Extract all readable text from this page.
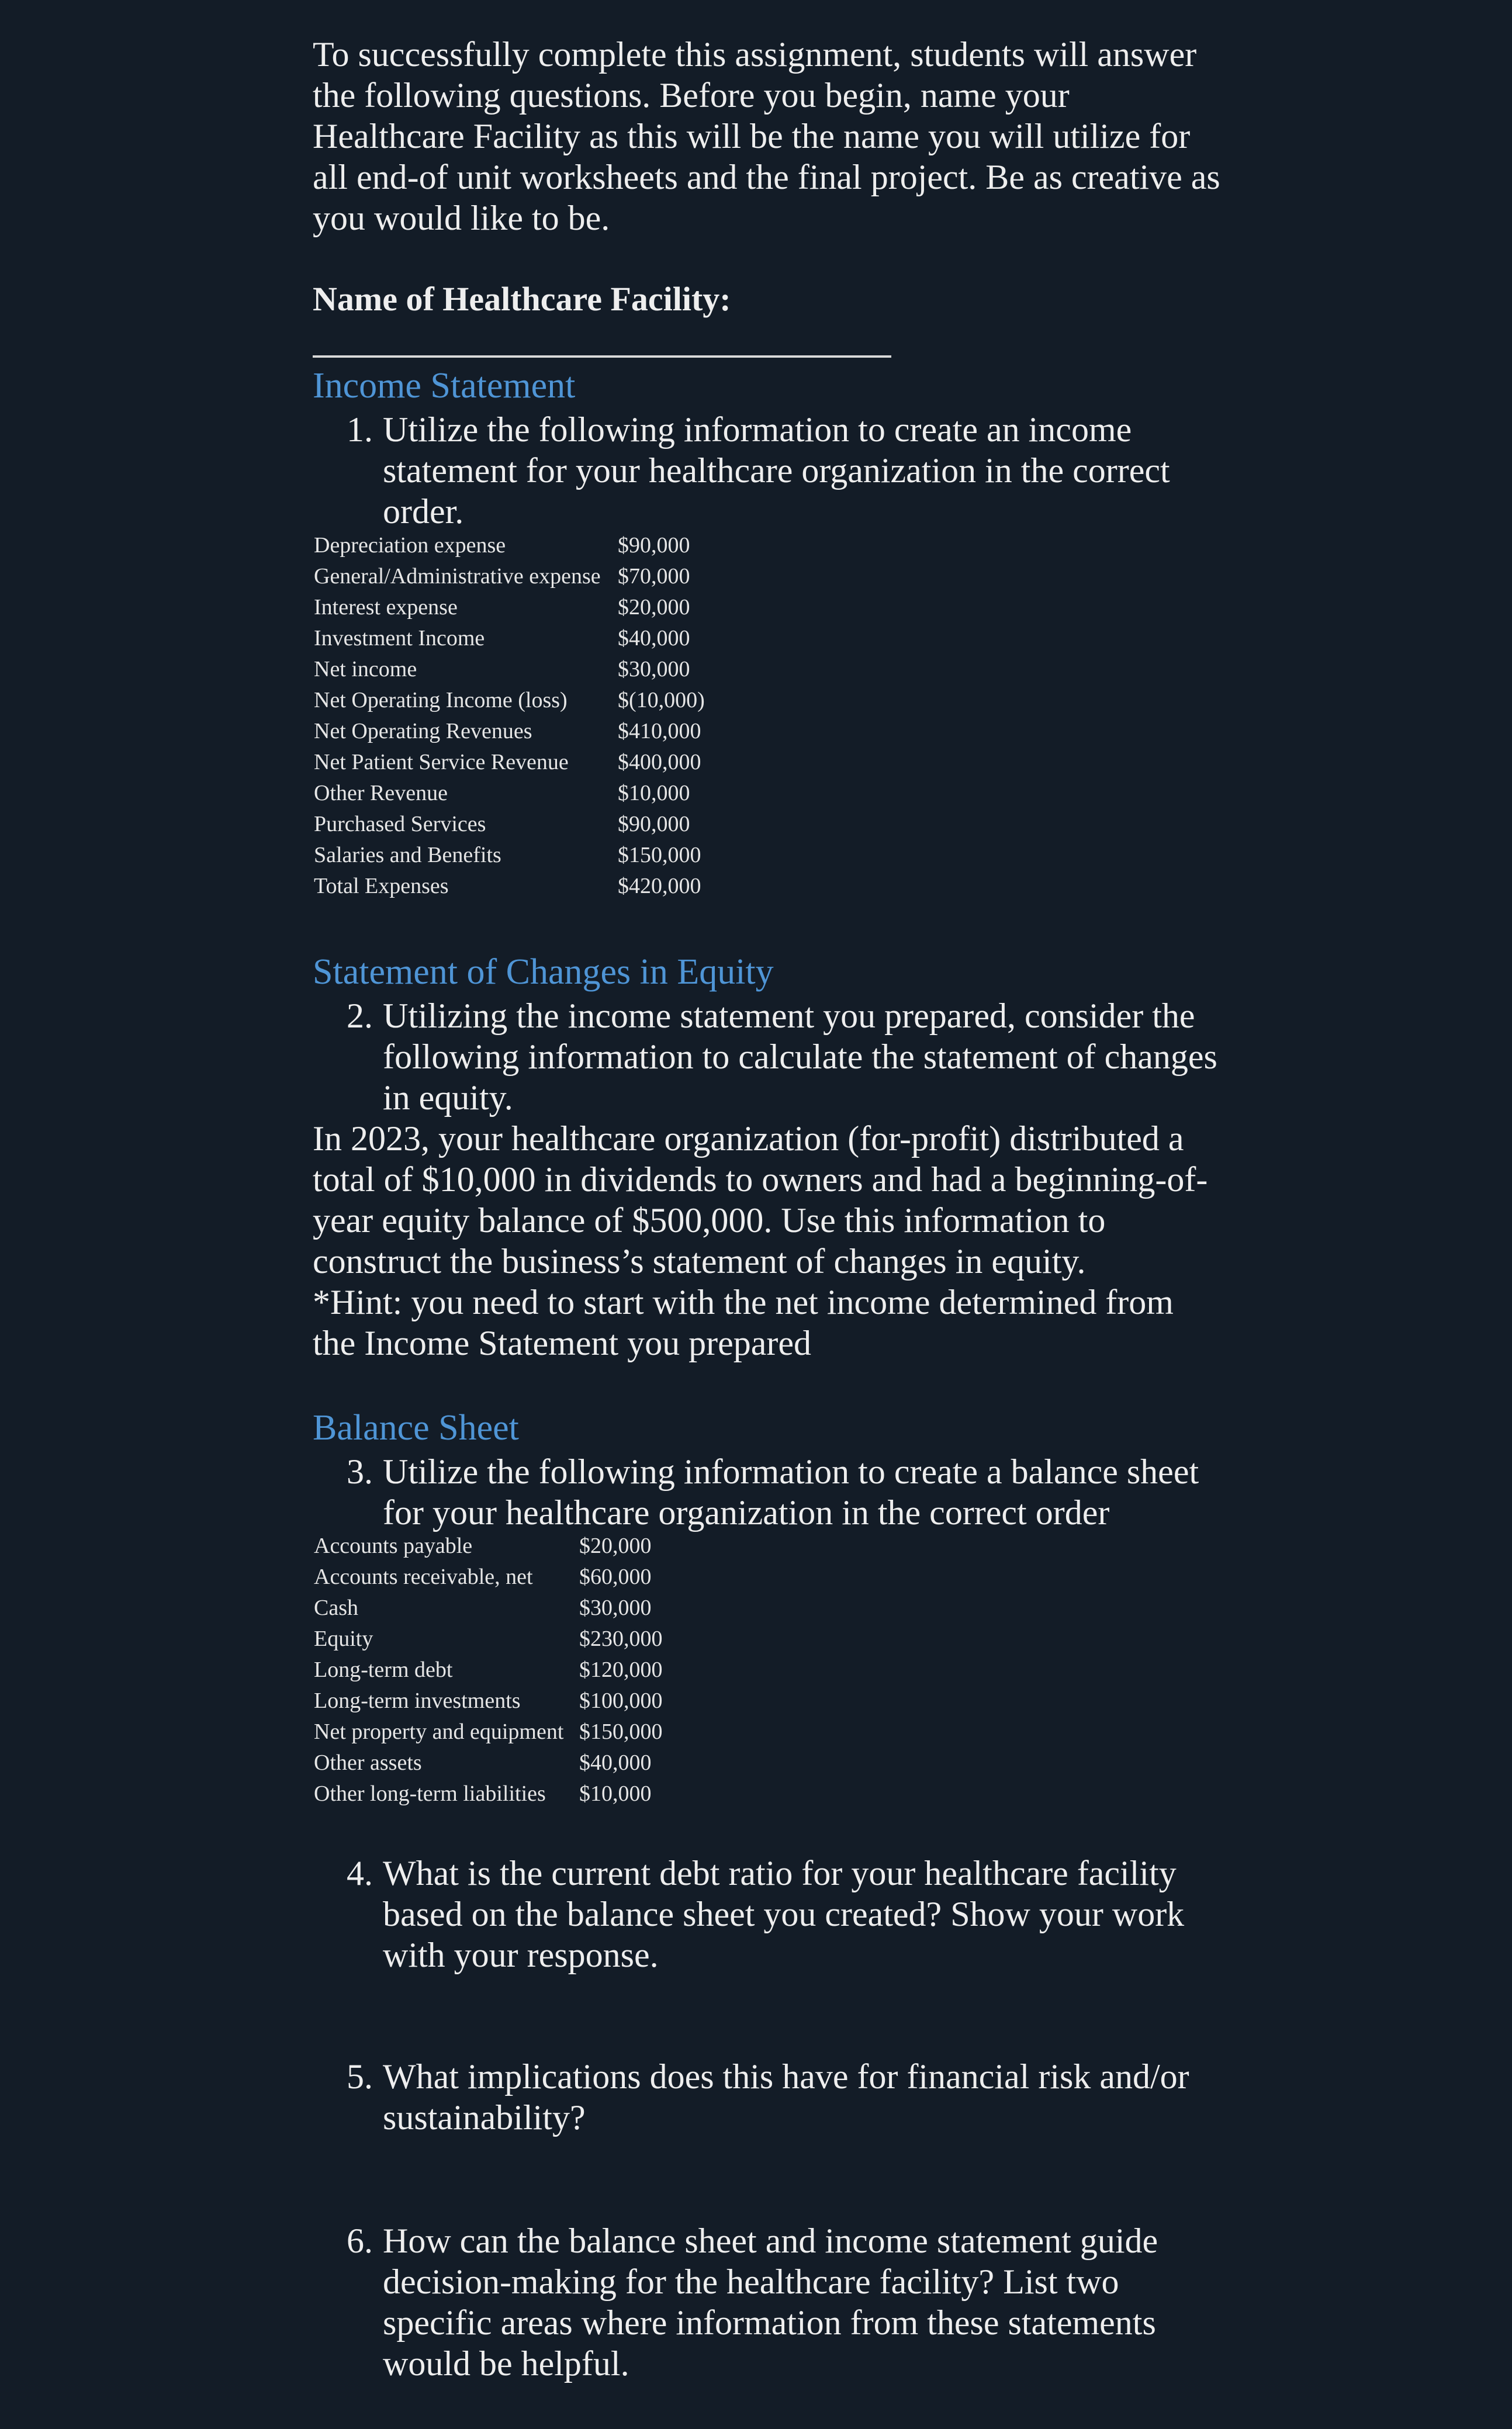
To successfully complete this assignment, students will answer
the following questions. Before you begin, name your
Healthcare Facility as this will be the name you will utilize for
all end-of unit worksheets and the final project. Be as creative as
you would like to be.
Name of Healthcare Facility:
Income Statement
1. Utilize the following information to create an income
statement for your healthcare organization in the correct
order.
Depreciation expense	$90,000
General/Administrative expense $70,000
Interest expense	$20,000
Investment Income	$40,000
Net income	$30,000
Net Operating Income (loss) $(10,000)
Net Operating Revenues	$410,000
Net Patient Service Revenue $400,000
Other Revenue	$10,000
Purchased Services	$90,000
Salaries and Benefits	$150,000
Total Expenses	$420,000
Statement of Changes in Equity
2. Utilizing the income statement you prepared, consider the
following information to calculate the statement of changes
in equity.
In 2023, your healthcare organization (for-profit) distributed a
total of $10,000 in dividends to owners and had a beginning-of-
year equity balance of $500,000. Use this information to
construct the business’s statement of changes in equity.
*Hint: you need to start with the net income determined from
the Income Statement you prepared
Balance Sheet
3. Utilize the following information to create a balance sheet
for your healthcare organization in the correct order
Accounts payable	$20,000
Accounts receivable, net $60,000
Cash	$30,000
Equity	$230,000
Long-term debt	$120,000
Long-term investments	$100,000
Net property and equipment $150,000
Other assets	$40,000
Other long-term liabilities $10,000
4. What is the current debt ratio for your healthcare facility
based on the balance sheet you created? Show your work
with your response.
5. What implications does this have for financial risk and/or
sustainability?
6. How can the balance sheet and income statement guide
decision-making for the healthcare facility? List two
specific areas where information from these statements
would be helpful.
